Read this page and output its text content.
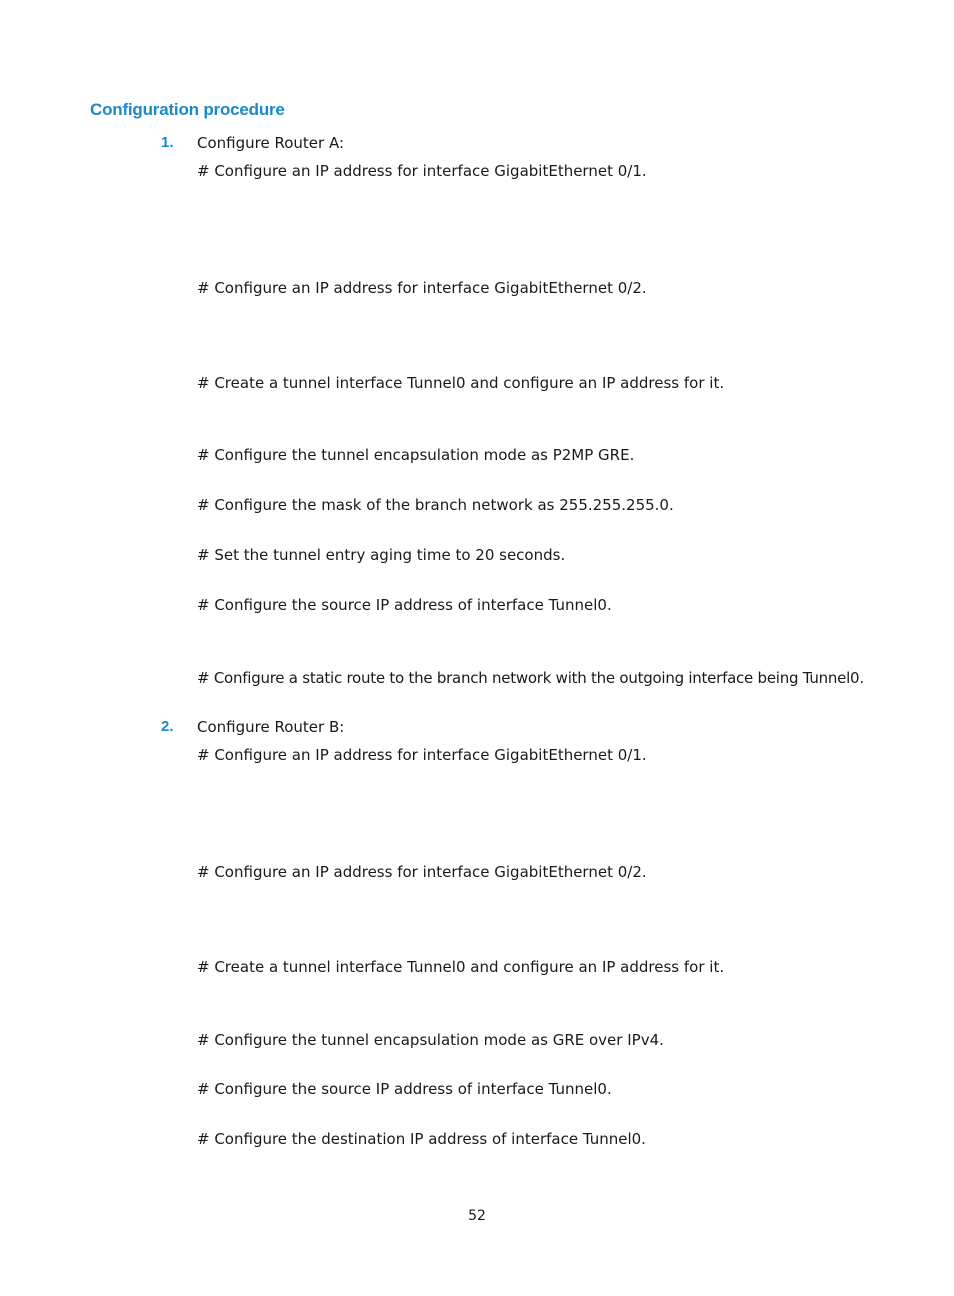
Configuration procedure
1. Configure Router A:
# Configure an IP address for interface GigabitEthernet 0/1.
# Configure an IP address for interface GigabitEthernet 0/2.
# Create a tunnel interface Tunnel0 and configure an IP address for it.
# Configure the tunnel encapsulation mode as P2MP GRE.
# Configure the mask of the branch network as 255.255.255.0.
# Set the tunnel entry aging time to 20 seconds.
# Configure the source IP address of interface Tunnel0.
# Configure a static route to the branch network with the outgoing interface being Tunnel0.
2. Configure Router B:
# Configure an IP address for interface GigabitEthernet 0/1.
# Configure an IP address for interface GigabitEthernet 0/2.
# Create a tunnel interface Tunnel0 and configure an IP address for it.
# Configure the tunnel encapsulation mode as GRE over IPv4.
# Configure the source IP address of interface Tunnel0.
# Configure the destination IP address of interface Tunnel0.
52
